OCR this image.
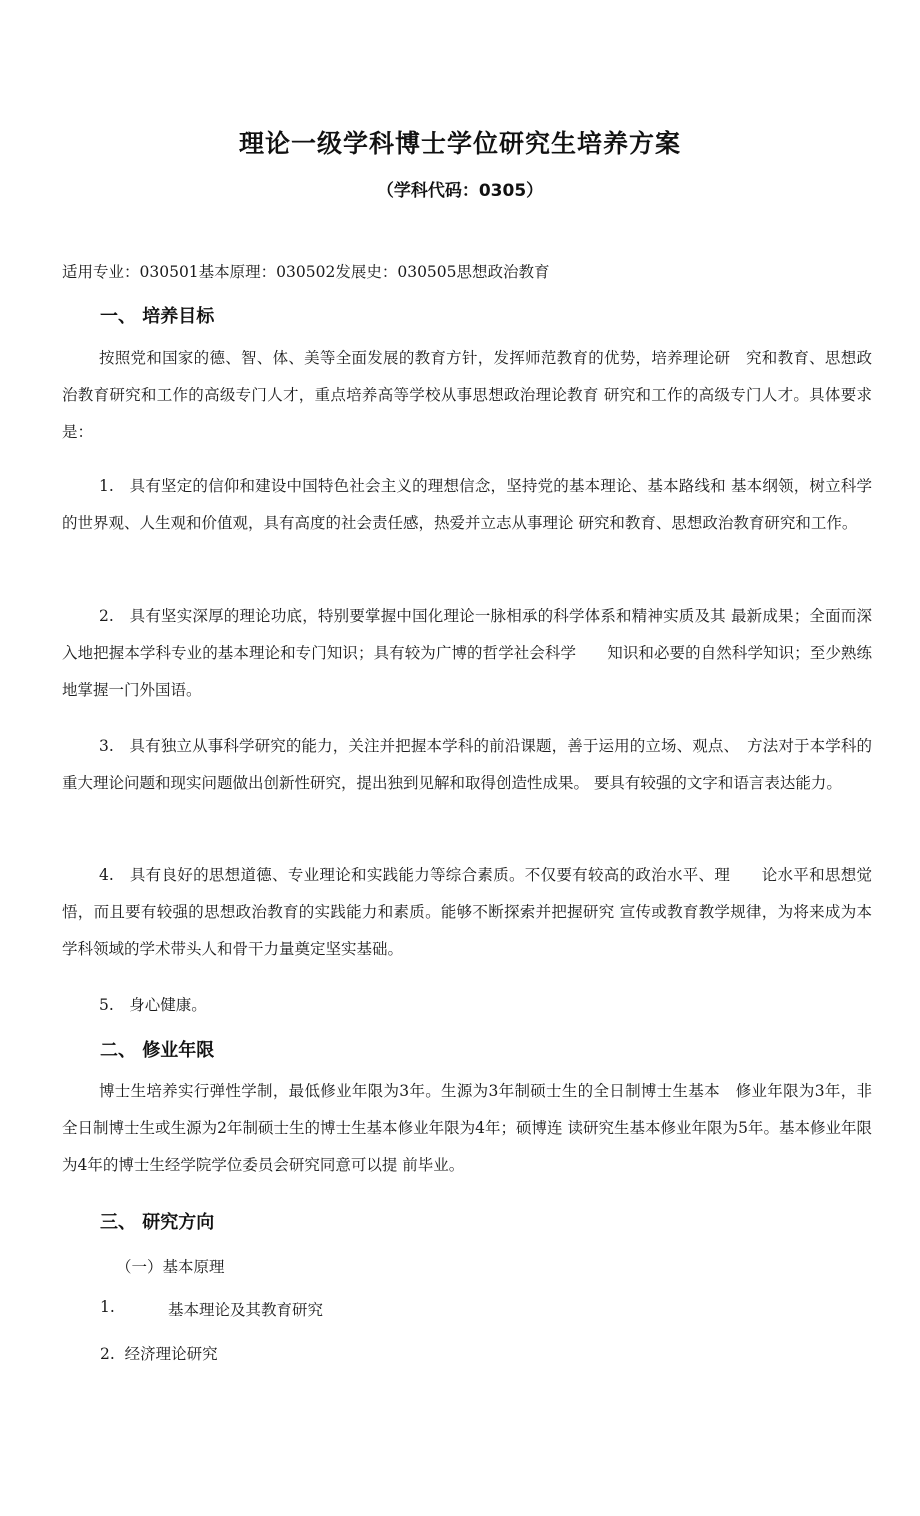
理论一级学科博士学位研究生培养方案
（学科代码：0305）
适用专业：030501基本原理：030502发展史：030505思想政治教育
一、 培养目标
按照党和国家的德、智、体、美等全面发展的教育方针，发挥师范教育的优势，培养理论研　究和教育、思想政治教育研究和工作的高级专门人才，重点培养高等学校从事思想政治理论教育 研究和工作的高级专门人才。具体要求是：
1.　具有坚定的信仰和建设中国特色社会主义的理想信念，坚持党的基本理论、基本路线和 基本纲领，树立科学的世界观、人生观和价值观，具有高度的社会责任感，热爱并立志从事理论 研究和教育、思想政治教育研究和工作。
2.　具有坚实深厚的理论功底，特别要掌握中国化理论一脉相承的科学体系和精神实质及其 最新成果；全面而深入地把握本学科专业的基本理论和专门知识；具有较为广博的哲学社会科学　　知识和必要的自然科学知识；至少熟练地掌握一门外国语。
3.　具有独立从事科学研究的能力，关注并把握本学科的前沿课题，善于运用的立场、观点、　方法对于本学科的重大理论问题和现实问题做出创新性研究，提出独到见解和取得创造性成果。 要具有较强的文字和语言表达能力。
4.　具有良好的思想道德、专业理论和实践能力等综合素质。不仅要有较高的政治水平、理　　论水平和思想觉悟，而且要有较强的思想政治教育的实践能力和素质。能够不断探索并把握研究 宣传或教育教学规律，为将来成为本学科领域的学术带头人和骨干力量奠定坚实基础。
5.　身心健康。
二、 修业年限
博士生培养实行弹性学制，最低修业年限为3年。生源为3年制硕士生的全日制博士生基本　修业年限为3年，非全日制博士生或生源为2年制硕士生的博士生基本修业年限为4年；硕博连 读研究生基本修业年限为5年。基本修业年限为4年的博士生经学院学位委员会研究同意可以提 前毕业。
三、 研究方向
（一）基本原理
1.	基本理论及其教育研究
2.  经济理论研究
